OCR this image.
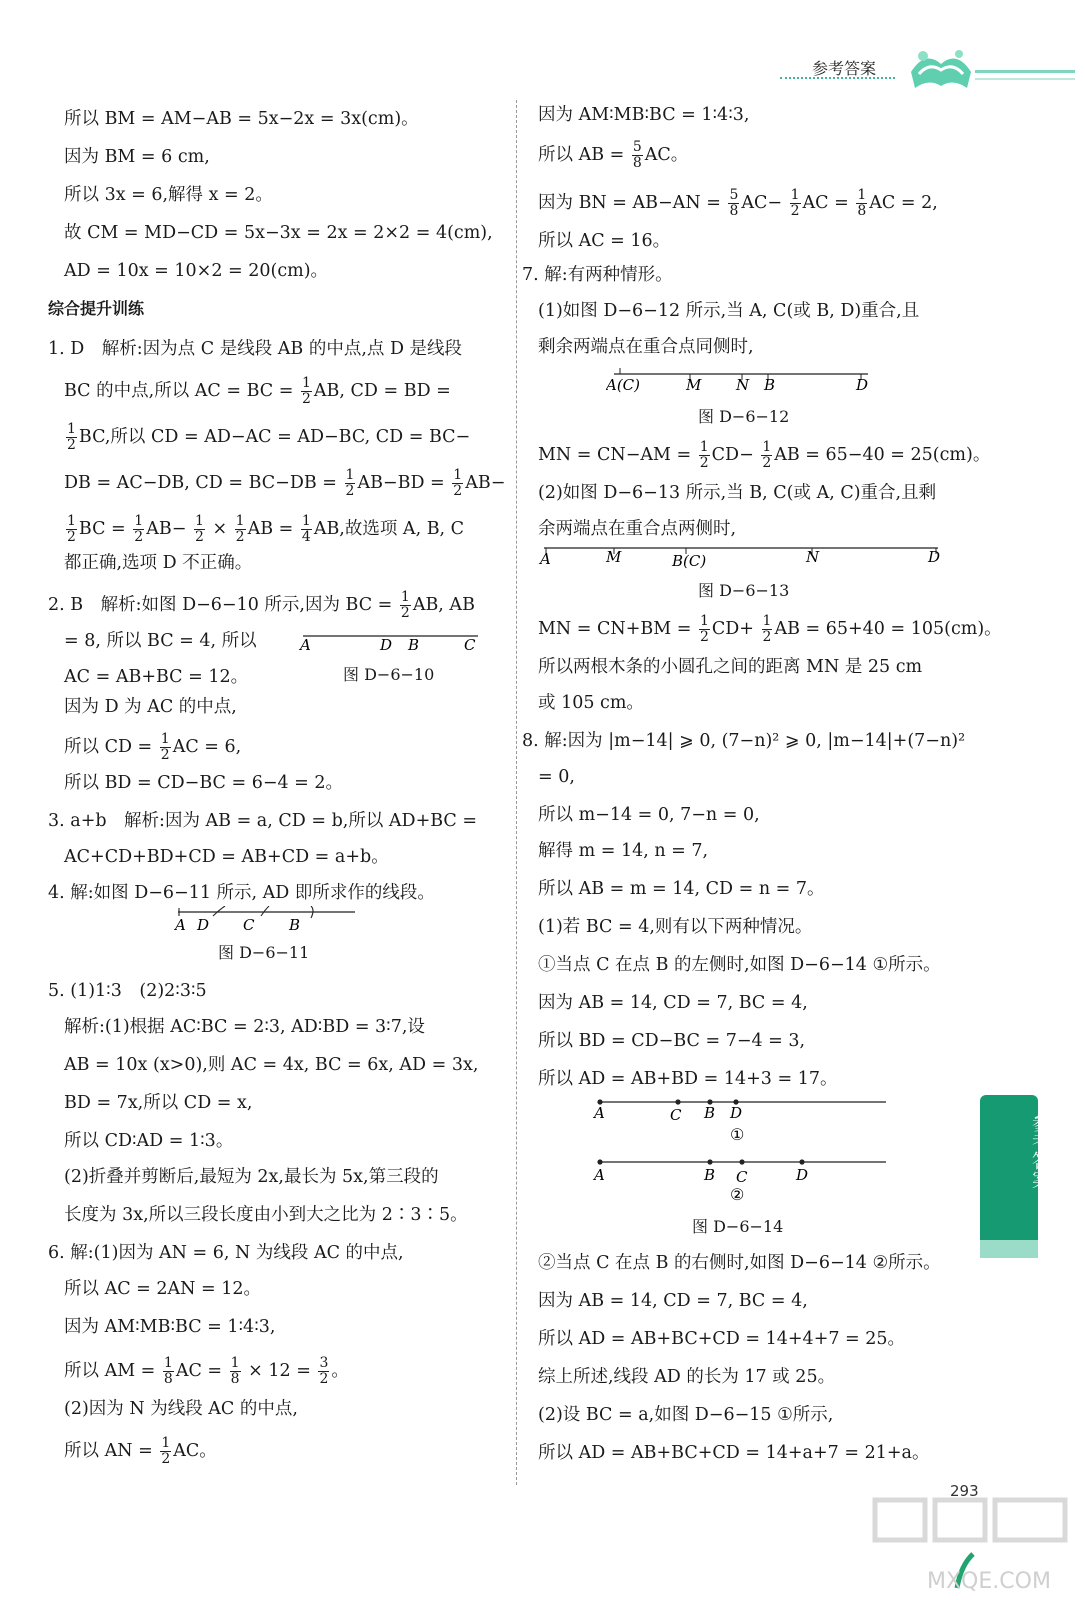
参考答案
所以 BM = AM−AB = 5x−2x = 3x(cm)。
因为 BM = 6 cm,
所以 3x = 6,解得 x = 2。
故 CM = MD−CD = 5x−3x = 2x = 2×2 = 4(cm),
AD = 10x = 10×2 = 20(cm)。
综合提升训练
1. D　解析:因为点 C 是线段 AB 的中点,点 D 是线段
BC 的中点,所以 AC = BC = $\frac{1}{2}$ AB, CD = BD =
$\frac{1}{2}$ BC,所以 CD = AD−AC = AD−BC, CD = BC−
DB = AC−DB, CD = $BC-DB = \frac{1}{2} AB-BD = \frac{1}{2} AB-$
$\frac{1}{2}$ BC = $\frac{1}{2} AB- \frac{1}{2} \times \frac{1}{2}$ AB = $\frac{1}{4}$ AB,故选项 A, B, C
都正确,选项 D 不正确。
2. B　解析:如图 D−6−10 所示,因为 BC = $\frac{1}{2}$ AB, AB
= 8, 所以 BC = 4, 所以
AC = AB+BC = 12。
A	D B	C
图 D−6−10
因为 D 为 AC 的中点,
所以 CD = $\frac{1}{2}$ AC = 6,
所以 BD = CD−BC = 6−4 = 2。
3. a+b　解析:因为 AB = a, CD = b,所以 AD+BC =
AC+CD+BD+CD = AB+CD = a+b。
4. 解:如图 D−6−11 所示, AD 即所求作的线段。
A D C B
图 D−6−11
5. (1)1∶3　(2)2∶3∶5
解析:(1)根据 AC∶BC = 2∶3, AD∶BD = 3∶7,设
AB = 10x (x>0),则 AC = 4x, BC = 6x, AD = 3x,
BD = 7x,所以 CD = x,
所以 CD∶AD = 1∶3。
(2)折叠并剪断后,最短为 2x,最长为 5x,第三段的
长度为 3x,所以三段长度由小到大之比为 2∶3∶5。
6. 解:(1)因为 AN = 6, N 为线段 AC 的中点,
所以 AC = 2AN = 12。
因为 AM∶MB∶BC = 1∶4∶3,
所以 AM = $\frac{1}{8}$ AC = $\frac{1}{8} \times 12 = \frac{3}{2}$ 。
(2)因为 N 为线段 AC 的中点,
所以 AN = $\frac{1}{2}$ AC。
因为 AM∶MB∶BC = 1∶4∶3,
所以 AB = $\frac{5}{8}$ AC。
因为 BN = $AB-AN = \frac{5}{8} AC- \frac{1}{2}$ AC = $\frac{1}{8}$ AC = 2,
所以 AC = 16。
7. 解:有两种情形。
(1)如图 D−6−12 所示,当 A, C(或 B, D)重合,且
剩余两端点在重合点同侧时,
A(C)	M N B	D
图 D−6−12
MN = $CN-AM = \frac{1}{2} CD- \frac{1}{2}$ AB = 65−40 = 25(cm)。
(2)如图 D−6−13 所示,当 B, C(或 A, C)重合,且剩
余两端点在重合点两侧时,
A	M	B(C)	N	D
图 D−6−13
MN = $CN+BM = \frac{1}{2} CD+ \frac{1}{2}$ AB = 65+40 = 105(cm)。
所以两根木条的小圆孔之间的距离 MN 是 25 cm
或 105 cm。
8. 解:因为 |m−14| ⩾ 0, (7−n)² ⩾ 0, |m−14|+(7−n)²
= 0,
所以 m−14 = 0, 7−n = 0,
解得 m = 14, n = 7,
所以 AB = m = 14, CD = n = 7。
(1)若 BC = 4,则有以下两种情况。
①当点 C 在点 B 的左侧时,如图 D−6−14 ①所示。
因为 AB = 14, CD = 7, BC = 4,
所以 BD = CD−BC = 7−4 = 3,
所以 AD = AB+BD = 14+3 = 17。
A	C B D
①
A	B C	D
②
图 D−6−14
②当点 C 在点 B 的右侧时,如图 D−6−14 ②所示。
因为 AB = 14, CD = 7, BC = 4,
所以 AD = AB+BC+CD = 14+4+7 = 25。
综上所述,线段 AD 的长为 17 或 25。
(2)设 BC = a,如图 D−6−15 ①所示,
所以 AD = AB+BC+CD = 14+a+7 = 21+a。
参考答案
MXQE.COM
293
